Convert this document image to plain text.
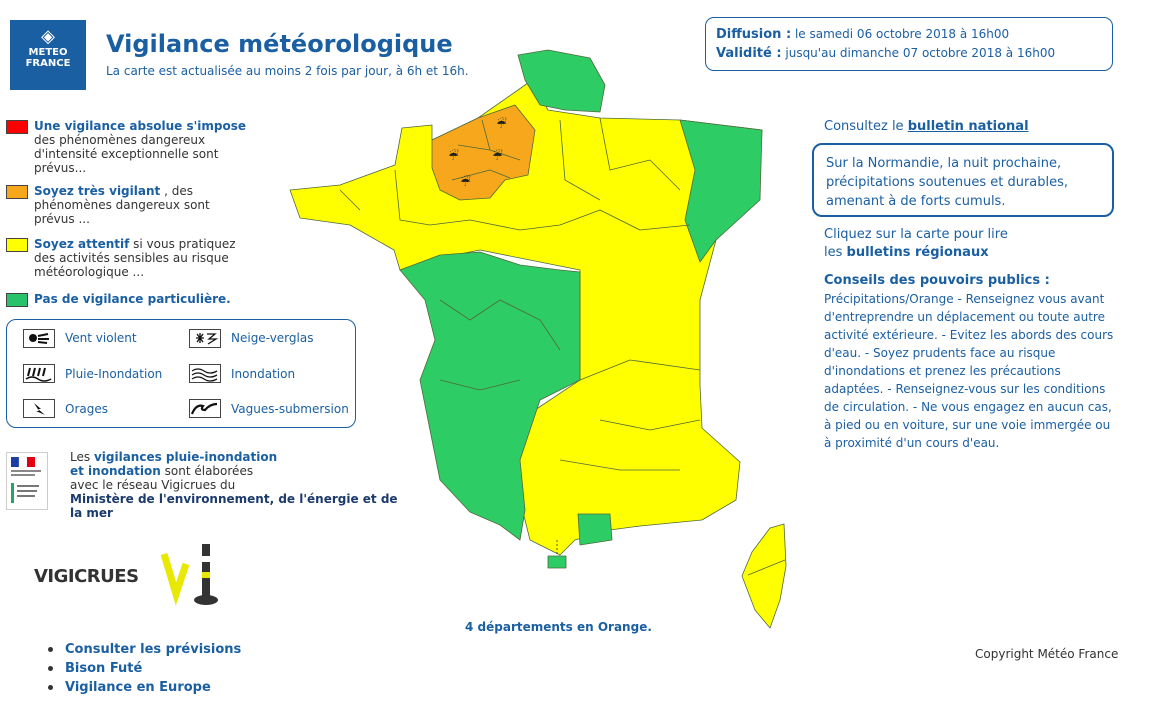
◈
METEO
FRANCE
Vigilance météorologique
La carte est actualisée au moins 2 fois par jour, à 6h et 16h.
Diffusion : le samedi 06 octobre 2018 à 16h00
Validité : jusqu'au dimanche 07 octobre 2018 à 16h00
Une vigilance absolue s'impose

des phénomènes dangereux d'intensité exceptionnelle sont prévus...
Soyez très vigilant , des phénomènes dangereux sont prévus ...
Soyez attentif si vous pratiquez des activités sensibles au risque météorologique ...
Pas de vigilance particulière.
Vent violent	Neige-verglas
Pluie-Inondation	Inondation
Orages	Vagues-submersion
Les vigilances pluie-inondation
et inondation sont élaborées
avec le réseau Vigicrues du
Ministère de l'environnement, de l'énergie et de la mer
VIGICRUES
Consulter les prévisions
Bison Futé
Vigilance en Europe
☔
☔	☔
☔
4 départements en Orange.
Copyright Météo France
Consultez le bulletin national
Sur la Normandie, la nuit prochaine, précipitations soutenues et durables, amenant à de forts cumuls.
Cliquez sur la carte pour lire
les bulletins régionaux
Conseils des pouvoirs publics :
Précipitations/Orange - Renseignez vous avant d'entreprendre un déplacement ou toute autre activité extérieure. - Evitez les abords des cours d'eau. - Soyez prudents face au risque d'inondations et prenez les précautions adaptées. - Renseignez-vous sur les conditions de circulation. - Ne vous engagez en aucun cas, à pied ou en voiture, sur une voie immergée ou à proximité d'un cours d'eau.
